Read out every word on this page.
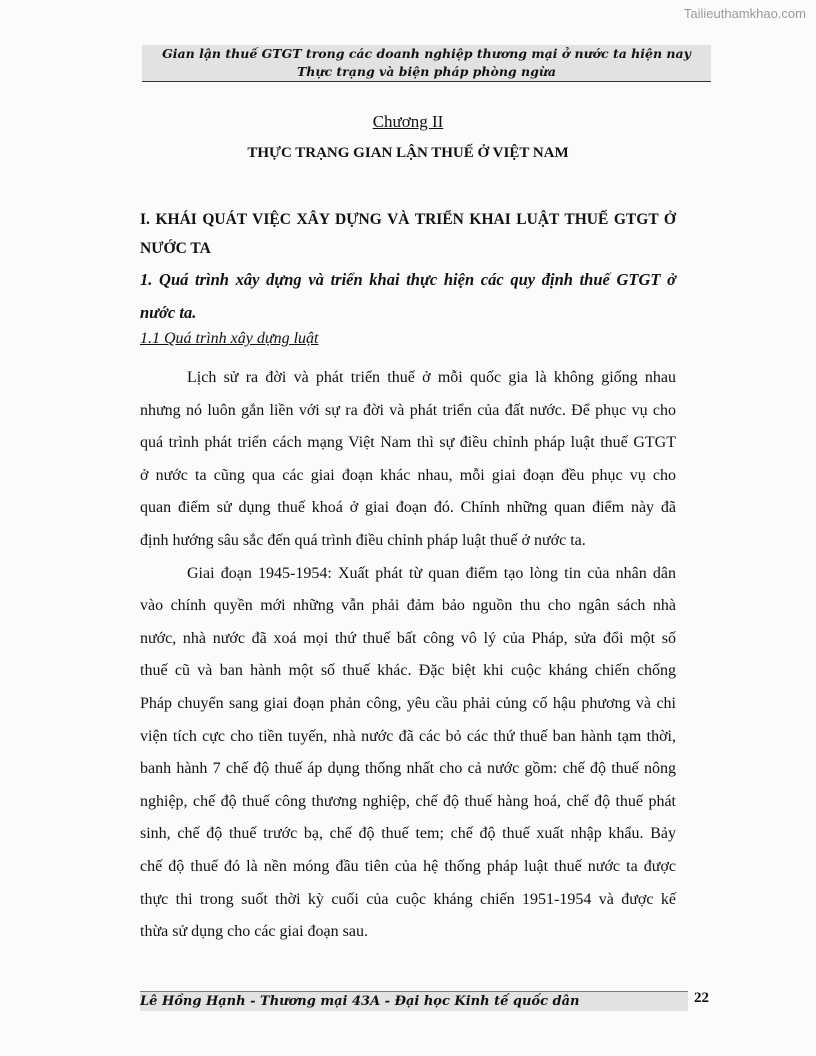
Tailieuthamkhao.com
Gian lận thuế GTGT trong các doanh nghiệp thương mại ở nước ta hiện nay
Thực trạng và biện pháp phòng ngừa
Chương II
THỰC TRẠNG GIAN LẬN THUẾ Ở VIỆT NAM
I. KHÁI QUÁT VIỆC XÂY DỰNG VÀ TRIỂN KHAI LUẬT THUẾ GTGT Ở
NƯỚC TA
1. Quá trình xây dựng và triển khai thực hiện các quy định thuế GTGT ở
nước ta.
1.1 Quá trình xây dựng luật
Lịch sử ra đời và phát triển thuế ở mỗi quốc gia là không giống nhau
nhưng nó luôn gắn liền với sự ra đời và phát triển của đất nước. Để phục vụ cho
quá trình phát triển cách mạng Việt Nam thì sự điều chỉnh pháp luật thuế GTGT
ở nước ta cũng qua các giai đoạn khác nhau, mỗi giai đoạn đều phục vụ cho
quan điểm sử dụng thuế khoá ở giai đoạn đó. Chính những quan điểm này đã
định hướng sâu sắc đến quá trình điều chỉnh pháp luật thuế ở nước ta.
Giai đoạn 1945-1954: Xuất phát từ quan điểm tạo lòng tin của nhân dân
vào chính quyền mới những vẫn phải đảm bảo nguồn thu cho ngân sách nhà
nước, nhà nước đã xoá mọi thứ thuế bất công vô lý của Pháp, sửa đổi một số
thuế cũ và ban hành một số thuế khác. Đặc biệt khi cuộc kháng chiến chống
Pháp chuyển sang giai đoạn phản công, yêu cầu phải củng cố hậu phương và chi
viện tích cực cho tiền tuyến, nhà nước đã các bỏ các thứ thuế ban hành tạm thời,
banh hành 7 chế độ thuế áp dụng thống nhất cho cả nước gồm: chế độ thuế nông
nghiệp, chế độ thuế công thương nghiệp, chế độ thuế hàng hoá, chế độ thuế phát
sinh, chế độ thuế trước bạ, chế độ thuế tem; chế độ thuế xuất nhập khẩu. Bảy
chế độ thuế đó là nền móng đầu tiên của hệ thống pháp luật thuế nước ta được
thực thi trong suốt thời kỳ cuối của cuộc kháng chiến 1951-1954 và được kế
thừa sử dụng cho các giai đoạn sau.
Lê Hồng Hạnh - Thương mại 43A - Đại học Kinh tế quốc dân	22
